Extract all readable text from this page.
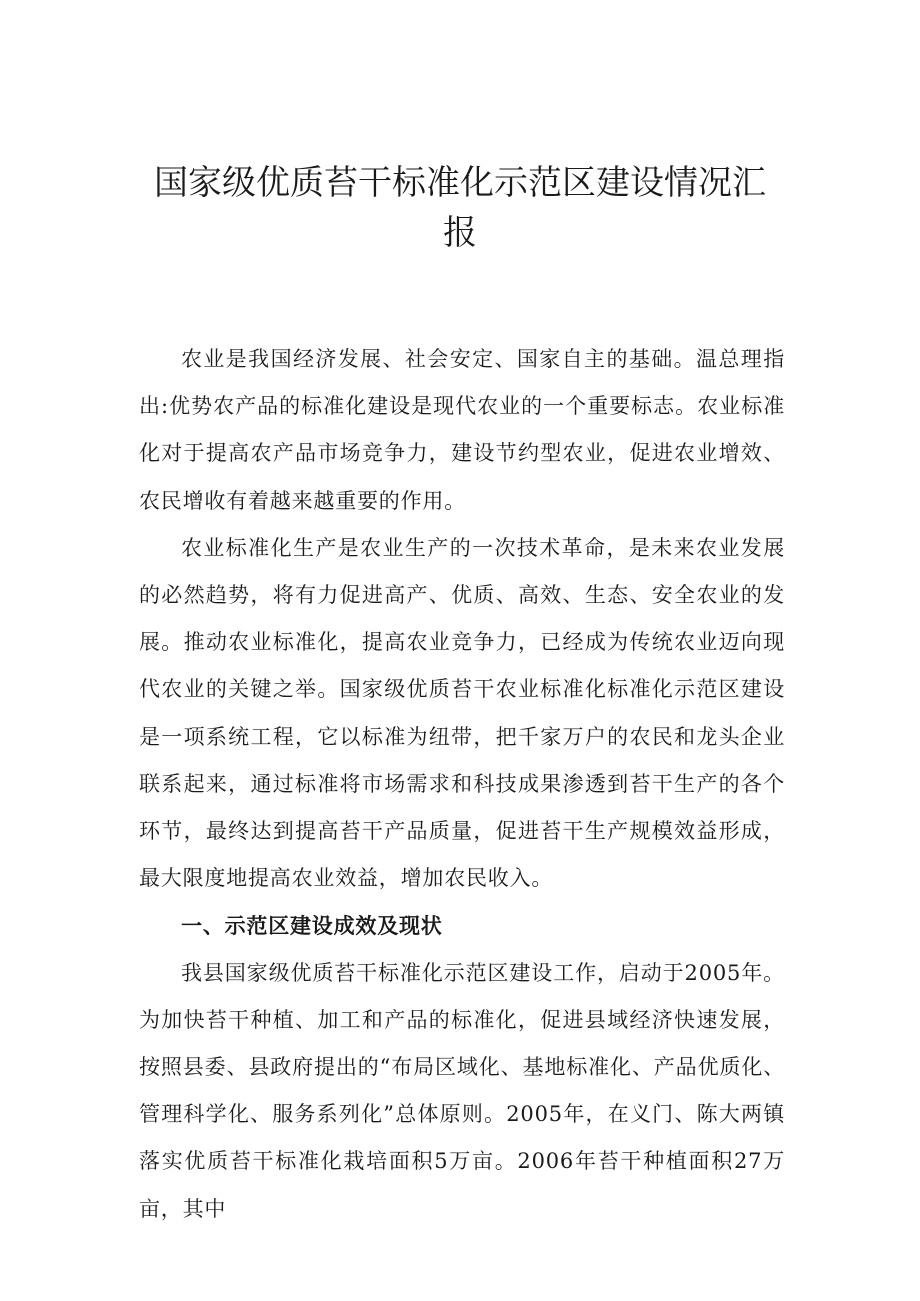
国家级优质苔干标准化示范区建设情况汇报

农业是我国经济发展、社会安定、国家自主的基础。温总理指出:优势农产品的标准化建设是现代农业的一个重要标志。农业标准化对于提高农产品市场竞争力，建设节约型农业，促进农业增效、农民增收有着越来越重要的作用。

农业标准化生产是农业生产的一次技术革命，是未来农业发展的必然趋势，将有力促进高产、优质、高效、生态、安全农业的发展。推动农业标准化，提高农业竞争力，已经成为传统农业迈向现代农业的关键之举。国家级优质苔干农业标准化标准化示范区建设是一项系统工程，它以标准为纽带，把千家万户的农民和龙头企业联系起来，通过标准将市场需求和科技成果渗透到苔干生产的各个环节，最终达到提高苔干产品质量，促进苔干生产规模效益形成，最大限度地提高农业效益，增加农民收入。

一、示范区建设成效及现状

我县国家级优质苔干标准化示范区建设工作，启动于2005年。为加快苔干种植、加工和产品的标准化，促进县域经济快速发展，按照县委、县政府提出的“布局区域化、基地标准化、产品优质化、管理科学化、服务系列化”总体原则。2005年，在义门、陈大两镇落实优质苔干标准化栽培面积5万亩。2006年苔干种植面积27万亩，其中
